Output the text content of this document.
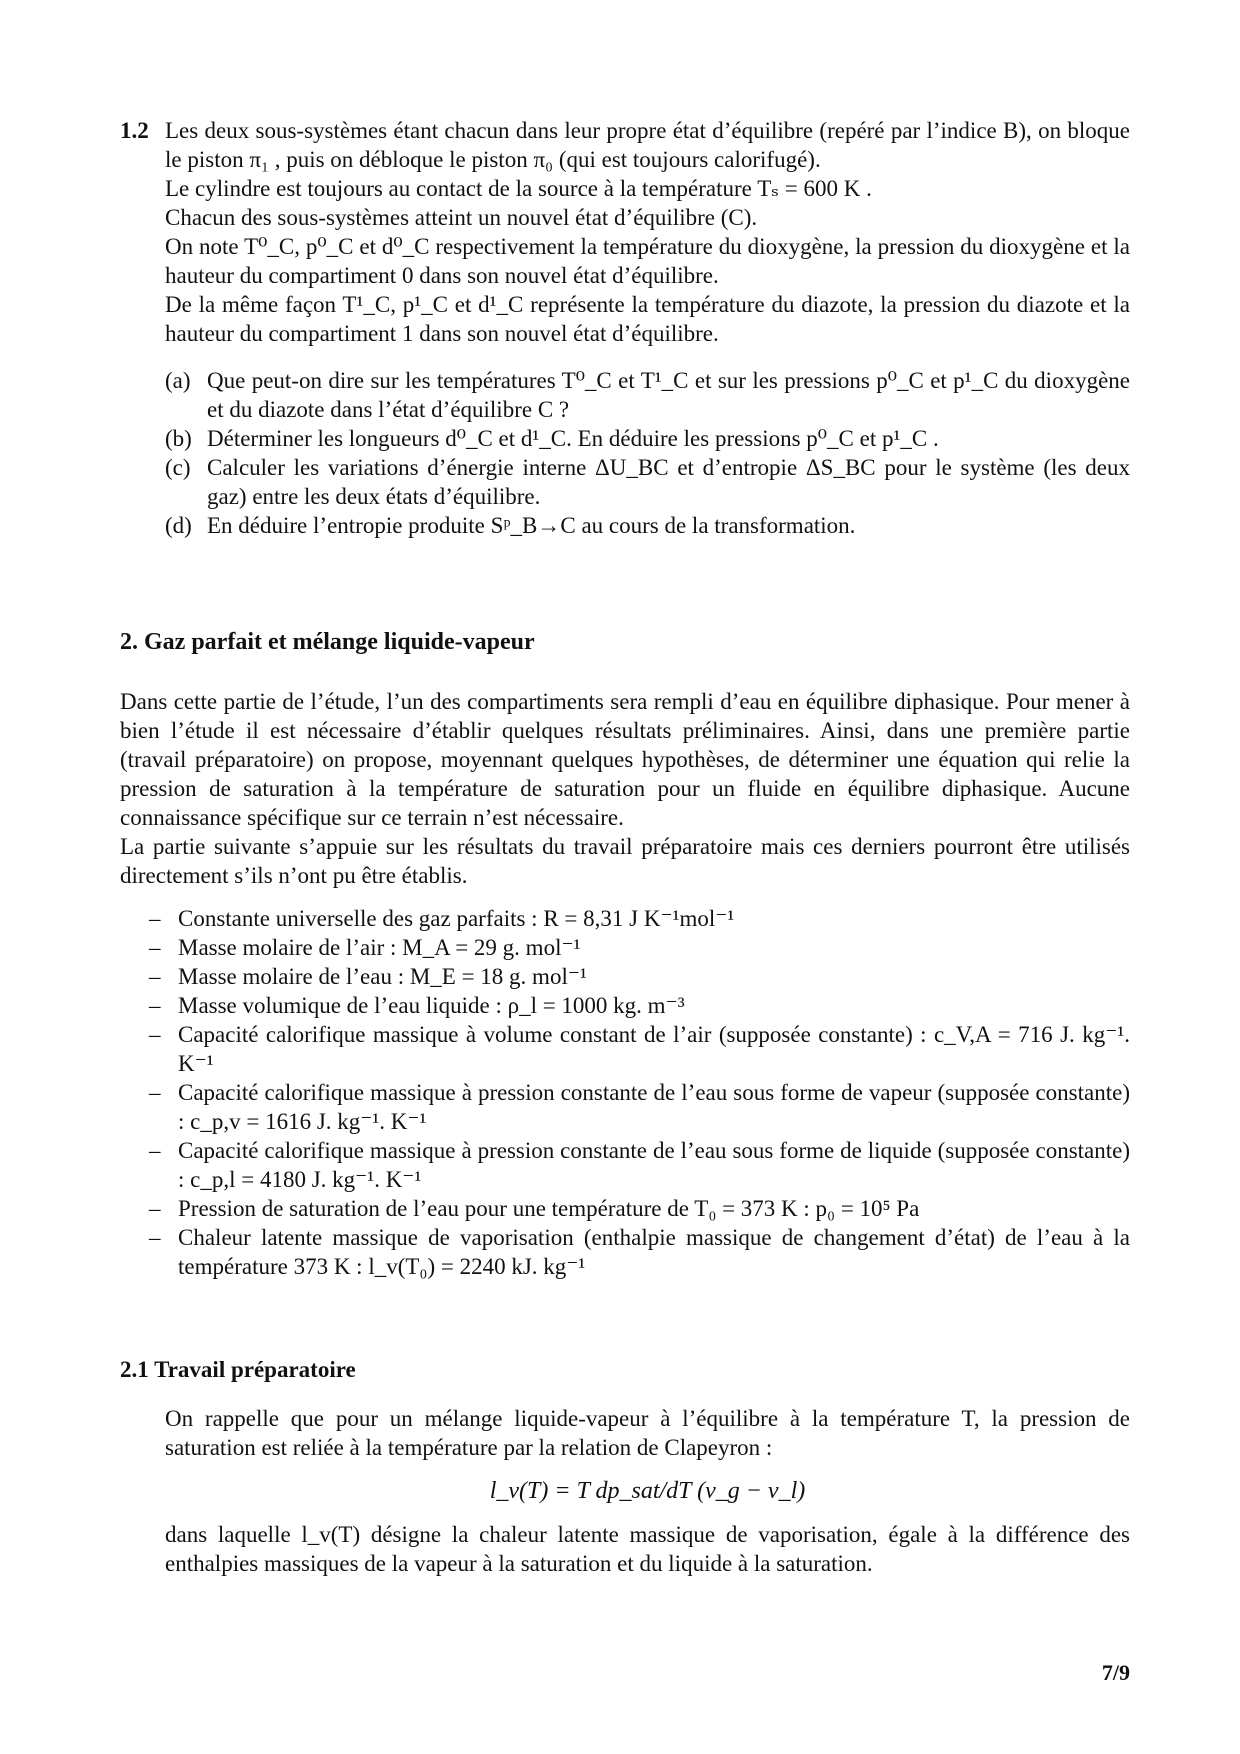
1.2 Les deux sous-systèmes étant chacun dans leur propre état d’équilibre (repéré par l’indice B), on bloque le piston π₁ , puis on débloque le piston π₀ (qui est toujours calorifugé).

Le cylindre est toujours au contact de la source à la température Tₛ = 600 K .

Chacun des sous-systèmes atteint un nouvel état d’équilibre (C).

On note T⁰_C, p⁰_C et d⁰_C respectivement la température du dioxygène, la pression du dioxygène et la hauteur du compartiment 0 dans son nouvel état d’équilibre.

De la même façon T¹_C, p¹_C et d¹_C représente la température du diazote, la pression du diazote et la hauteur du compartiment 1 dans son nouvel état d’équilibre.

(a) Que peut-on dire sur les températures T⁰_C et T¹_C et sur les pressions p⁰_C et p¹_C du dioxygène et du diazote dans l’état d’équilibre C ?
(b) Déterminer les longueurs d⁰_C et d¹_C. En déduire les pressions p⁰_C et p¹_C .
(c) Calculer les variations d’énergie interne ΔU_BC et d’entropie ΔS_BC pour le système (les deux gaz) entre les deux états d’équilibre.
(d) En déduire l’entropie produite Sᵖ_B→C au cours de la transformation.
2. Gaz parfait et mélange liquide-vapeur

Dans cette partie de l’étude, l’un des compartiments sera rempli d’eau en équilibre diphasique. Pour mener à bien l’étude il est nécessaire d’établir quelques résultats préliminaires. Ainsi, dans une première partie (travail préparatoire) on propose, moyennant quelques hypothèses, de déterminer une équation qui relie la pression de saturation à la température de saturation pour un fluide en équilibre diphasique. Aucune connaissance spécifique sur ce terrain n’est nécessaire.

La partie suivante s’appuie sur les résultats du travail préparatoire mais ces derniers pourront être utilisés directement s’ils n’ont pu être établis.

– Constante universelle des gaz parfaits : R = 8,31 J K⁻¹mol⁻¹
– Masse molaire de l’air : M_A = 29 g. mol⁻¹
– Masse molaire de l’eau : M_E = 18 g. mol⁻¹
– Masse volumique de l’eau liquide : ρ_l = 1000 kg. m⁻³
– Capacité calorifique massique à volume constant de l’air (supposée constante) : c_V,A = 716 J. kg⁻¹. K⁻¹
– Capacité calorifique massique à pression constante de l’eau sous forme de vapeur (supposée constante) : c_p,v = 1616 J. kg⁻¹. K⁻¹
– Capacité calorifique massique à pression constante de l’eau sous forme de liquide (supposée constante) : c_p,l = 4180 J. kg⁻¹. K⁻¹
– Pression de saturation de l’eau pour une température de T₀ = 373 K : p₀ = 10⁵ Pa
– Chaleur latente massique de vaporisation (enthalpie massique de changement d’état) de l’eau à la température 373 K : l_v(T₀) = 2240 kJ. kg⁻¹
2.1 Travail préparatoire

On rappelle que pour un mélange liquide-vapeur à l’équilibre à la température T, la pression de saturation est reliée à la température par la relation de Clapeyron :

l_v(T) = T dp_sat/dT (v_g − v_l)

dans laquelle l_v(T) désigne la chaleur latente massique de vaporisation, égale à la différence des enthalpies massiques de la vapeur à la saturation et du liquide à la saturation.

7/9
